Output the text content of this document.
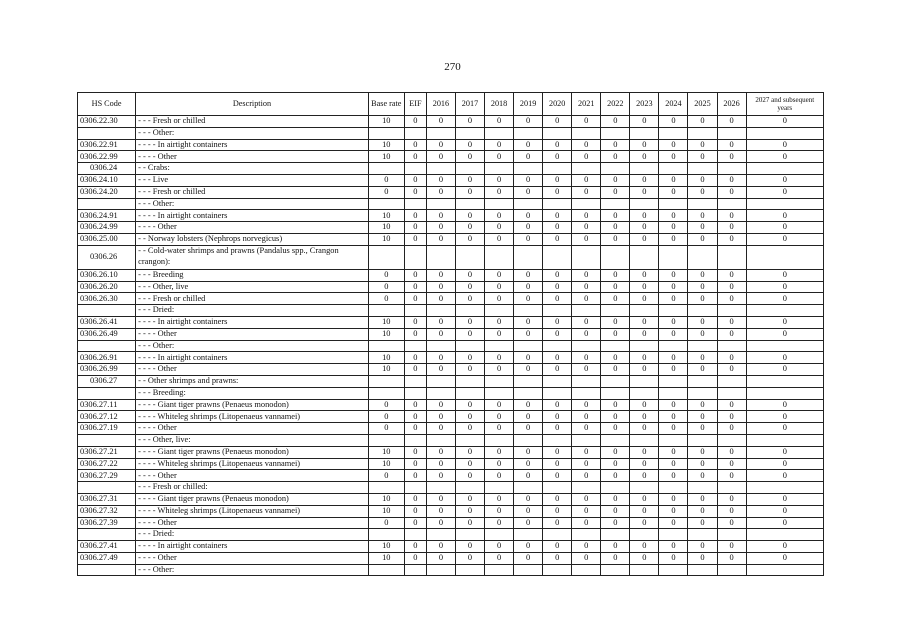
270
HS Code	Description	Base rate	EIF	2016	2017	2018	2019	2020	2021	2022	2023	2024	2025	2026	2027 and subsequent years
0306.22.30	- - - Fresh or chilled	10	0	0	0	0	0	0	0	0	0	0	0	0	0
	- - - Other:														
0306.22.91	- - - - In airtight containers	10	0	0	0	0	0	0	0	0	0	0	0	0	0
0306.22.99	- - - - Other	10	0	0	0	0	0	0	0	0	0	0	0	0	0
0306.24	- - Crabs:														
0306.24.10	- - - Live	0	0	0	0	0	0	0	0	0	0	0	0	0	0
0306.24.20	- - - Fresh or chilled	0	0	0	0	0	0	0	0	0	0	0	0	0	0
	- - - Other:														
0306.24.91	- - - - In airtight containers	10	0	0	0	0	0	0	0	0	0	0	0	0	0
0306.24.99	- - - - Other	10	0	0	0	0	0	0	0	0	0	0	0	0	0
0306.25.00	- - Norway lobsters (Nephrops norvegicus)	10	0	0	0	0	0	0	0	0	0	0	0	0	0
0306.26	- - Cold-water shrimps and prawns (Pandalus spp., Crangon crangon):														
0306.26.10	- - - Breeding	0	0	0	0	0	0	0	0	0	0	0	0	0	0
0306.26.20	- - - Other, live	0	0	0	0	0	0	0	0	0	0	0	0	0	0
0306.26.30	- - - Fresh or chilled	0	0	0	0	0	0	0	0	0	0	0	0	0	0
	- - - Dried:														
0306.26.41	- - - - In airtight containers	10	0	0	0	0	0	0	0	0	0	0	0	0	0
0306.26.49	- - - - Other	10	0	0	0	0	0	0	0	0	0	0	0	0	0
	- - - Other:														
0306.26.91	- - - - In airtight containers	10	0	0	0	0	0	0	0	0	0	0	0	0	0
0306.26.99	- - - - Other	10	0	0	0	0	0	0	0	0	0	0	0	0	0
0306.27	- - Other shrimps and prawns:														
	- - - Breeding:														
0306.27.11	- - - - Giant tiger prawns (Penaeus monodon)	0	0	0	0	0	0	0	0	0	0	0	0	0	0
0306.27.12	- - - - Whiteleg shrimps (Litopenaeus vannamei)	0	0	0	0	0	0	0	0	0	0	0	0	0	0
0306.27.19	- - - - Other	0	0	0	0	0	0	0	0	0	0	0	0	0	0
	- - - Other, live:														
0306.27.21	- - - - Giant tiger prawns (Penaeus monodon)	10	0	0	0	0	0	0	0	0	0	0	0	0	0
0306.27.22	- - - - Whiteleg shrimps (Litopenaeus vannamei)	10	0	0	0	0	0	0	0	0	0	0	0	0	0
0306.27.29	- - - - Other	0	0	0	0	0	0	0	0	0	0	0	0	0	0
	- - - Fresh or chilled:														
0306.27.31	- - - - Giant tiger prawns (Penaeus monodon)	10	0	0	0	0	0	0	0	0	0	0	0	0	0
0306.27.32	- - - - Whiteleg shrimps (Litopenaeus vannamei)	10	0	0	0	0	0	0	0	0	0	0	0	0	0
0306.27.39	- - - - Other	0	0	0	0	0	0	0	0	0	0	0	0	0	0
	- - - Dried:														
0306.27.41	- - - - In airtight containers	10	0	0	0	0	0	0	0	0	0	0	0	0	0
0306.27.49	- - - - Other	10	0	0	0	0	0	0	0	0	0	0	0	0	0
	- - - Other:														
